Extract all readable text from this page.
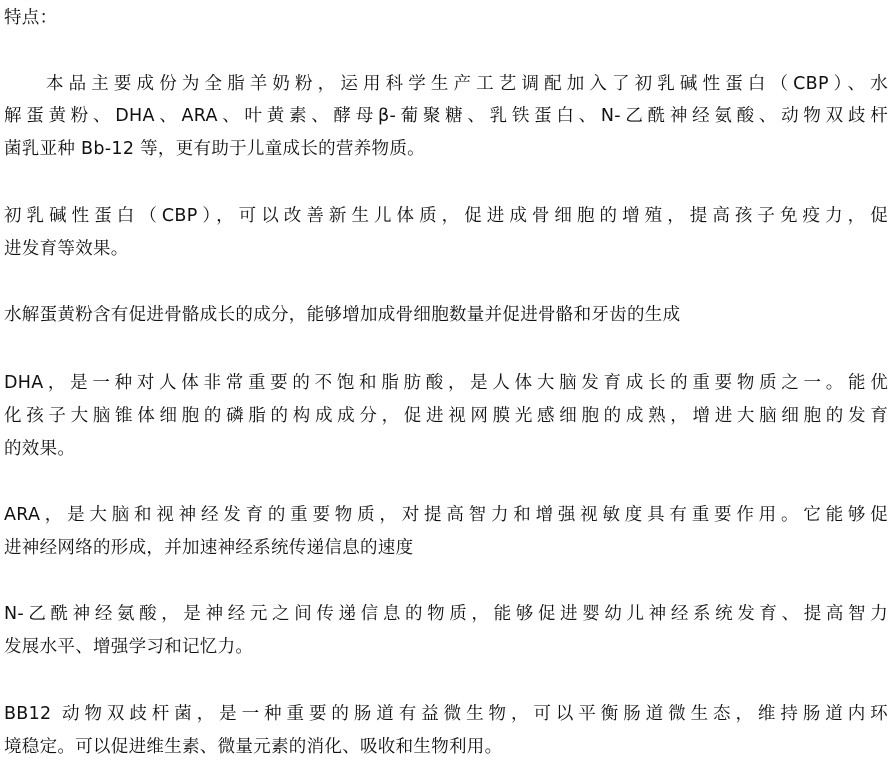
特点：
本品主要成份为全脂羊奶粉，运用科学生产工艺调配加入了初乳碱性蛋白（CBP）、水
解蛋黄粉、DHA、ARA、叶黄素、酵母β-葡聚糖、乳铁蛋白、N-乙酰神经氨酸、动物双歧杆
菌乳亚种 Bb-12 等，更有助于儿童成长的营养物质。
初乳碱性蛋白（CBP），可以改善新生儿体质，促进成骨细胞的增殖，提高孩子免疫力，促
进发育等效果。
水解蛋黄粉含有促进骨骼成长的成分，能够增加成骨细胞数量并促进骨骼和牙齿的生成
DHA，是一种对人体非常重要的不饱和脂肪酸，是人体大脑发育成长的重要物质之一。能优
化孩子大脑锥体细胞的磷脂的构成成分，促进视网膜光感细胞的成熟，增进大脑细胞的发育
的效果。
ARA，是大脑和视神经发育的重要物质，对提高智力和增强视敏度具有重要作用。它能够促
进神经网络的形成，并加速神经系统传递信息的速度
N-乙酰神经氨酸，是神经元之间传递信息的物质，能够促进婴幼儿神经系统发育、提高智力
发展水平、增强学习和记忆力。
BB12 动物双歧杆菌，是一种重要的肠道有益微生物，可以平衡肠道微生态，维持肠道内环
境稳定。可以促进维生素、微量元素的消化、吸收和生物利用。
